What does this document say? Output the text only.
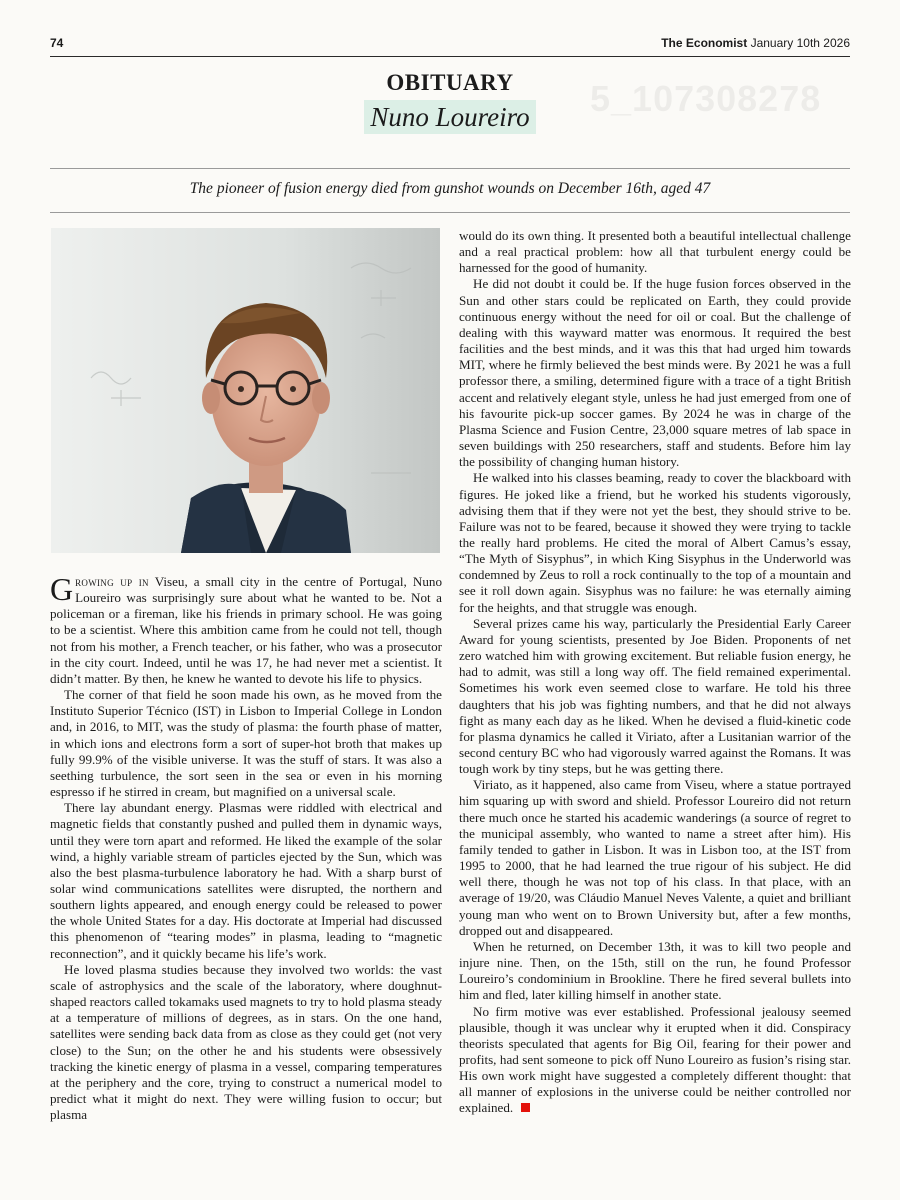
74	The Economist January 10th 2026
5_107308278
OBITUARY
Nuno Loureiro
The pioneer of fusion energy died from gunshot wounds on December 16th, aged 47

Growing up in Viseu, a small city in the centre of Portugal, Nuno Loureiro was surprisingly sure about what he wanted to be. Not a policeman or a fireman, like his friends in primary school. He was going to be a scientist. Where this ambition came from he could not tell, though not from his mother, a French teacher, or his father, who was a prosecutor in the city court. Indeed, until he was 17, he had never met a scientist. It didn’t matter. By then, he knew he wanted to devote his life to physics.

The corner of that field he soon made his own, as he moved from the Instituto Superior Técnico (IST) in Lisbon to Imperial College in London and, in 2016, to MIT, was the study of plasma: the fourth phase of matter, in which ions and electrons form a sort of super-hot broth that makes up fully 99.9% of the visible universe. It was the stuff of stars. It was also a seething turbulence, the sort seen in the sea or even in his morning espresso if he stirred in cream, but magnified on a universal scale.

There lay abundant energy. Plasmas were riddled with electrical and magnetic fields that constantly pushed and pulled them in dynamic ways, until they were torn apart and reformed. He liked the example of the solar wind, a highly variable stream of particles ejected by the Sun, which was also the best plasma-turbulence laboratory he had. With a sharp burst of solar wind communications satellites were disrupted, the northern and southern lights appeared, and enough energy could be released to power the whole United States for a day. His doctorate at Imperial had discussed this phenomenon of “tearing modes” in plasma, leading to “magnetic reconnection”, and it quickly became his life’s work.

He loved plasma studies because they involved two worlds: the vast scale of astrophysics and the scale of the laboratory, where doughnut-shaped reactors called tokamaks used magnets to try to hold plasma steady at a temperature of millions of degrees, as in stars. On the one hand, satellites were sending back data from as close as they could get (not very close) to the Sun; on the other he and his students were obsessively tracking the kinetic energy of plasma in a vessel, comparing temperatures at the periphery and the core, trying to construct a numerical model to predict what it might do next. They were willing fusion to occur; but plasma

would do its own thing. It presented both a beautiful intellectual challenge and a real practical problem: how all that turbulent energy could be harnessed for the good of humanity.

He did not doubt it could be. If the huge fusion forces observed in the Sun and other stars could be replicated on Earth, they could provide continuous energy without the need for oil or coal. But the challenge of dealing with this wayward matter was enormous. It required the best facilities and the best minds, and it was this that had urged him towards MIT, where he firmly believed the best minds were. By 2021 he was a full professor there, a smiling, determined figure with a trace of a tight British accent and relatively elegant style, unless he had just emerged from one of his favourite pick-up soccer games. By 2024 he was in charge of the Plasma Science and Fusion Centre, 23,000 square metres of lab space in seven buildings with 250 researchers, staff and students. Before him lay the possibility of changing human history.

He walked into his classes beaming, ready to cover the blackboard with figures. He joked like a friend, but he worked his students vigorously, advising them that if they were not yet the best, they should strive to be. Failure was not to be feared, because it showed they were trying to tackle the really hard problems. He cited the moral of Albert Camus’s essay, “The Myth of Sisyphus”, in which King Sisyphus in the Underworld was condemned by Zeus to roll a rock continually to the top of a mountain and see it roll down again. Sisyphus was no failure: he was eternally aiming for the heights, and that struggle was enough.

Several prizes came his way, particularly the Presidential Early Career Award for young scientists, presented by Joe Biden. Proponents of net zero watched him with growing excitement. But reliable fusion energy, he had to admit, was still a long way off. The field remained experimental. Sometimes his work even seemed close to warfare. He told his three daughters that his job was fighting numbers, and that he did not always fight as many each day as he liked. When he devised a fluid-kinetic code for plasma dynamics he called it Viriato, after a Lusitanian warrior of the second century BC who had vigorously warred against the Romans. It was tough work by tiny steps, but he was getting there.

Viriato, as it happened, also came from Viseu, where a statue portrayed him squaring up with sword and shield. Professor Loureiro did not return there much once he started his academic wanderings (a source of regret to the municipal assembly, who wanted to name a street after him). His family tended to gather in Lisbon. It was in Lisbon too, at the IST from 1995 to 2000, that he had learned the true rigour of his subject. He did well there, though he was not top of his class. In that place, with an average of 19/20, was Cláudio Manuel Neves Valente, a quiet and brilliant young man who went on to Brown University but, after a few months, dropped out and disappeared.

When he returned, on December 13th, it was to kill two people and injure nine. Then, on the 15th, still on the run, he found Professor Loureiro’s condominium in Brookline. There he fired several bullets into him and fled, later killing himself in another state.

No firm motive was ever established. Professional jealousy seemed plausible, though it was unclear why it erupted when it did. Conspiracy theorists speculated that agents for Big Oil, fearing for their power and profits, had sent someone to pick off Nuno Loureiro as fusion’s rising star. His own work might have suggested a completely different thought: that all manner of explosions in the universe could be neither controlled nor explained.
